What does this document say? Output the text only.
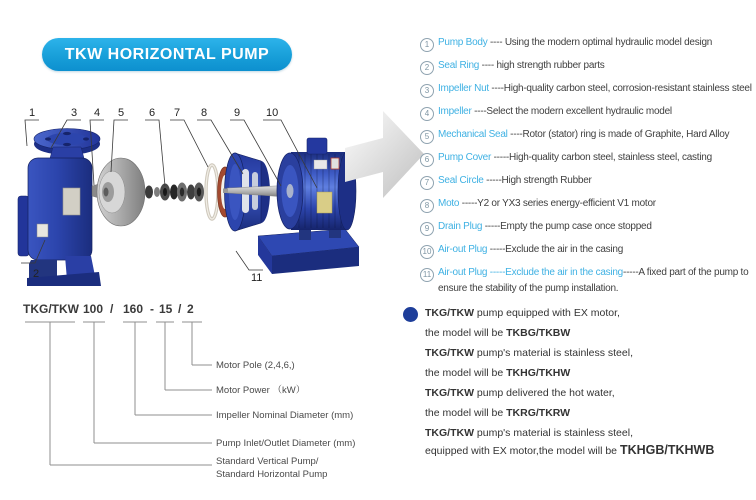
TKW HORIZONTAL PUMP
1	3 4 5 6 7 8 9 10
2	11
1 Pump Body ---- Using the modern optimal hydraulic model design
2 Seal Ring ---- high strength rubber parts
3 Impeller Nut ----High-quality carbon steel, corrosion-resistant stainless steel
4 Impeller ----Select the modern excellent hydraulic model
5 Mechanical Seal ----Rotor (stator) ring is made of Graphite, Hard Alloy
6 Pump Cover -----High-quality carbon steel, stainless steel, casting
7 Seal Circle -----High strength Rubber
8 Moto -----Y2 or YX3 series energy-efficient V1 motor
9 Drain Plug -----Empty the pump case once stopped
10 Air-out Plug -----Exclude the air in the casing
11 Air-out Plug -----Exclude the air in the casing-----A fixed part of the pump to ensure the stability of the pump installation.
TKG/TKW 100 / 160 - 15 / 2
Motor Pole (2,4,6,)
Motor Power （kW）
Impeller Nominal Diameter (mm)
Pump Inlet/Outlet Diameter (mm)
Standard Vertical Pump/
Standard Horizontal Pump
TKG/TKW pump equipped with EX motor,
the model will be TKBG/TKBW
TKG/TKW pump's material is stainless steel,
the model will be TKHG/TKHW
TKG/TKW pump delivered the hot water,
the model will be TKRG/TKRW
TKG/TKW pump's material is stainless steel,
equipped with EX motor,the model will be TKHGB/TKHWB
